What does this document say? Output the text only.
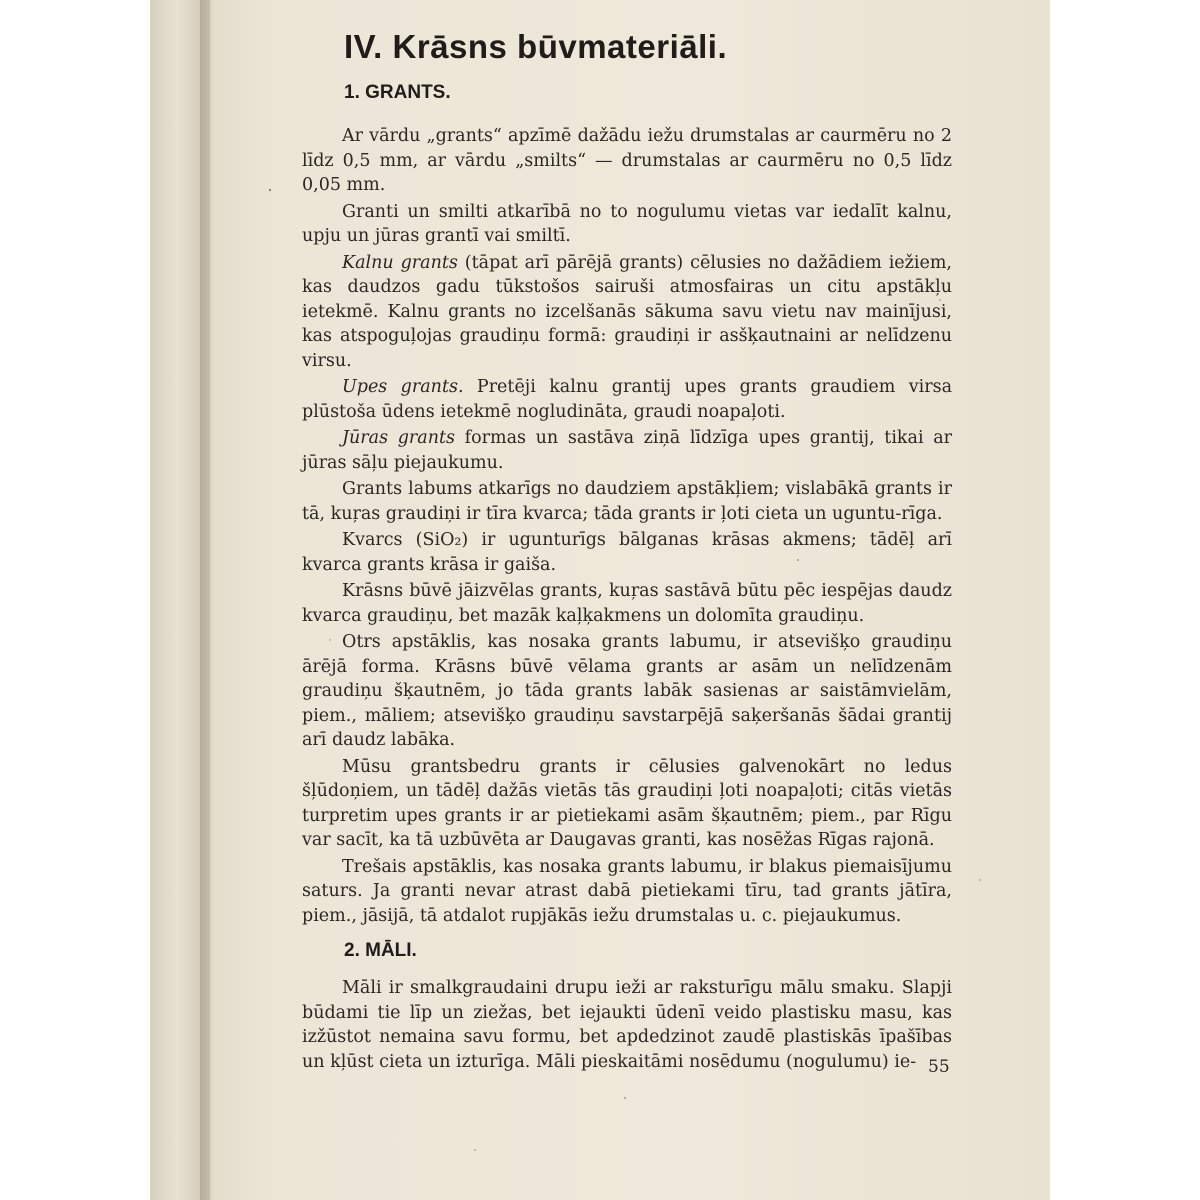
IV. Krāsns būvmateriāli.
1. GRANTS.

Ar vārdu „grants“ apzīmē dažādu iežu drumstalas ar caurmēru no 2 līdz 0,5 mm, ar vārdu „smilts“ — drumstalas ar caurmēru no 0,5 līdz 0,05 mm.

Granti un smilti atkarībā no to nogulumu vietas var iedalīt kalnu, upju un jūras grantī vai smiltī.

Kalnu grants (tāpat arī pārējā grants) cēlusies no dažādiem iežiem, kas daudzos gadu tūkstošos sairuši atmosfairas un citu apstākļu ietekmē. Kalnu grants no izcelšanās sākuma savu vietu nav mainījusi, kas atspoguļojas graudiņu formā: graudiņi ir asšķautnaini ar nelīdzenu virsu.

Upes grants. Pretēji kalnu grantij upes grants graudiem virsa plūstoša ūdens ietekmē nogludināta, graudi noapaļoti.

Jūras grants formas un sastāva ziņā līdzīga upes grantij, tikai ar jūras sāļu piejaukumu.

Grants labums atkarīgs no daudziem apstākļiem; vislabākā grants ir tā, kuŗas graudiņi ir tīra kvarca; tāda grants ir ļoti cieta un uguntu-rīga.

Kvarcs (SiO₂) ir ugunturīgs bālganas krāsas akmens; tādēļ arī kvarca grants krāsa ir gaiša.

Krāsns būvē jāizvēlas grants, kuŗas sastāvā būtu pēc iespējas daudz kvarca graudiņu, bet mazāk kaļķakmens un dolomīta graudiņu.

Otrs apstāklis, kas nosaka grants labumu, ir atsevišķo graudiņu ārējā forma. Krāsns būvē vēlama grants ar asām un nelīdzenām graudiņu šķautnēm, jo tāda grants labāk sasienas ar saistāmvielām, piem., māliem; atsevišķo graudiņu savstarpējā saķeršanās šādai grantij arī daudz labāka.

Mūsu grantsbedru grants ir cēlusies galvenokārt no ledus šļūdoņiem, un tādēļ dažās vietās tās graudiņi ļoti noapaļoti; citās vietās turpretim upes grants ir ar pietiekami asām šķautnēm; piem., par Rīgu var sacīt, ka tā uzbūvēta ar Daugavas granti, kas nosēžas Rīgas rajonā.

Trešais apstāklis, kas nosaka grants labumu, ir blakus piemaisījumu saturs. Ja granti nevar atrast dabā pietiekami tīru, tad grants jātīra, piem., jāsijā, tā atdalot rupjākās iežu drumstalas u. c. piejaukumus.

2. MĀLI.

Māli ir smalkgraudaini drupu ieži ar raksturīgu mālu smaku. Slapji būdami tie līp un ziežas, bet iejaukti ūdenī veido plastisku masu, kas izžūstot nemaina savu formu, bet apdedzinot zaudē plastiskās īpašības un kļūst cieta un izturīga. Māli pieskaitāmi nosēdumu (nogulumu) ie- 55
